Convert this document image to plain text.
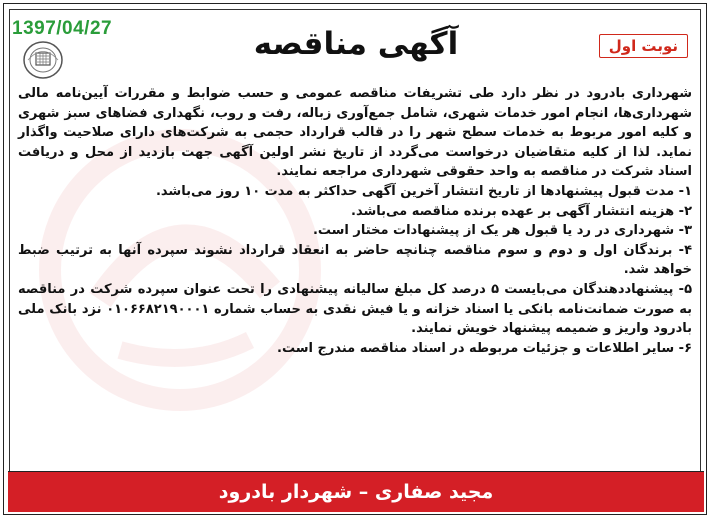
1397/04/27	آگهی مناقصه	نوبت اول

شهرداری بادرود در نظر دارد طی تشریفات مناقصه عمومی و حسب ضوابط و مقررات آیین‌نامه مالی شهرداری‌ها، انجام امور خدمات شهری، شامل جمع‌آوری زباله، رفت و روب، نگهداری فضاهای سبز شهری و کلیه امور مربوط به خدمات سطح شهر را در قالب قرارداد حجمی به شرکت‌های دارای صلاحیت واگذار نماید. لذا از کلیه متقاضیان درخواست می‌گردد از تاریخ نشر اولین آگهی جهت بازدید از محل و دریافت اسناد شرکت در مناقصه به واحد حقوقی شهرداری مراجعه نمایند.

۱- مدت قبول پیشنهادها از تاریخ انتشار آخرین آگهی حداکثر به مدت ۱۰ روز می‌باشد.

۲- هزینه انتشار آگهی بر عهده برنده مناقصه می‌باشد.

۳- شهرداری در رد یا قبول هر یک از پیشنهادات مختار است.

۴- برندگان اول و دوم و سوم مناقصه چنانچه حاضر به انعقاد قرارداد نشوند سپرده آنها به ترتیب ضبط خواهد شد.

۵- پیشنهاددهندگان می‌بایست ۵ درصد کل مبلغ سالیانه پیشنهادی را تحت عنوان سپرده شرکت در مناقصه به صورت ضمانت‌نامه بانکی یا اسناد خزانه و یا فیش نقدی به حساب شماره ۰۱۰۶۶۸۲۱۹۰۰۰۱ نزد بانک ملی بادرود واریز و ضمیمه پیشنهاد خویش نمایند.

۶- سایر اطلاعات و جزئیات مربوطه در اسناد مناقصه مندرج است.

مجید صفاری – شهردار بادرود
